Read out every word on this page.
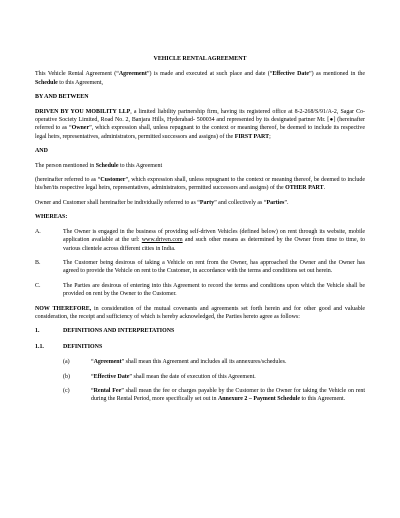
VEHICLE RENTAL AGREEMENT

This Vehicle Rental Agreement (“Agreement”) is made and executed at such place and date (“Effective Date”) as mentioned in the Schedule to this Agreement,

BY AND BETWEEN

DRIVEN BY YOU MOBILITY LLP, a limited liability partnership firm, having its registered office at 8-2-268/S/91/A-2, Sagar Co-operative Society Limited, Road No. 2, Banjara Hills, Hyderabad- 500034 and represented by its designated partner Mr. [●] (hereinafter referred to as “Owner”, which expression shall, unless repugnant to the context or meaning thereof, be deemed to include its respective legal heirs, representatives, administrators, permitted successors and assigns) of the FIRST PART;

AND

The person mentioned in Schedule to this Agreement

(hereinafter referred to as “Customer”, which expression shall, unless repugnant to the context or meaning thereof, be deemed to include his/her/its respective legal heirs, representatives, administrators, permitted successors and assigns) of the OTHER PART.

Owner and Customer shall hereinafter be individually referred to as “Party” and collectively as “Parties”.

WHEREAS:

A.	The Owner is engaged in the business of providing self-driven Vehicles (defined below) on rent through its website, mobile application available at the url: www.driven.com and such other means as determined by the Owner from time to time, to various clientele across different cities in India.
B.	The Customer being desirous of taking a Vehicle on rent from the Owner, has approached the Owner and the Owner has agreed to provide the Vehicle on rent to the Customer, in accordance with the terms and conditions set out herein.
C.	The Parties are desirous of entering into this Agreement to record the terms and conditions upon which the Vehicle shall be provided on rent by the Owner to the Customer.

NOW THEREFORE, in consideration of the mutual covenants and agreements set forth herein and for other good and valuable consideration, the receipt and sufficiency of which is hereby acknowledged, the Parties hereto agree as follows:

1.	DEFINITIONS AND INTERPRETATIONS
1.1.	DEFINITIONS
(a)	“Agreement” shall mean this Agreement and includes all its annexures/schedules.
(b)	“Effective Date” shall mean the date of execution of this Agreement.
(c)	“Rental Fee” shall mean the fee or charges payable by the Customer to the Owner for taking the Vehicle on rent during the Rental Period, more specifically set out in Annexure 2 – Payment Schedule to this Agreement.
